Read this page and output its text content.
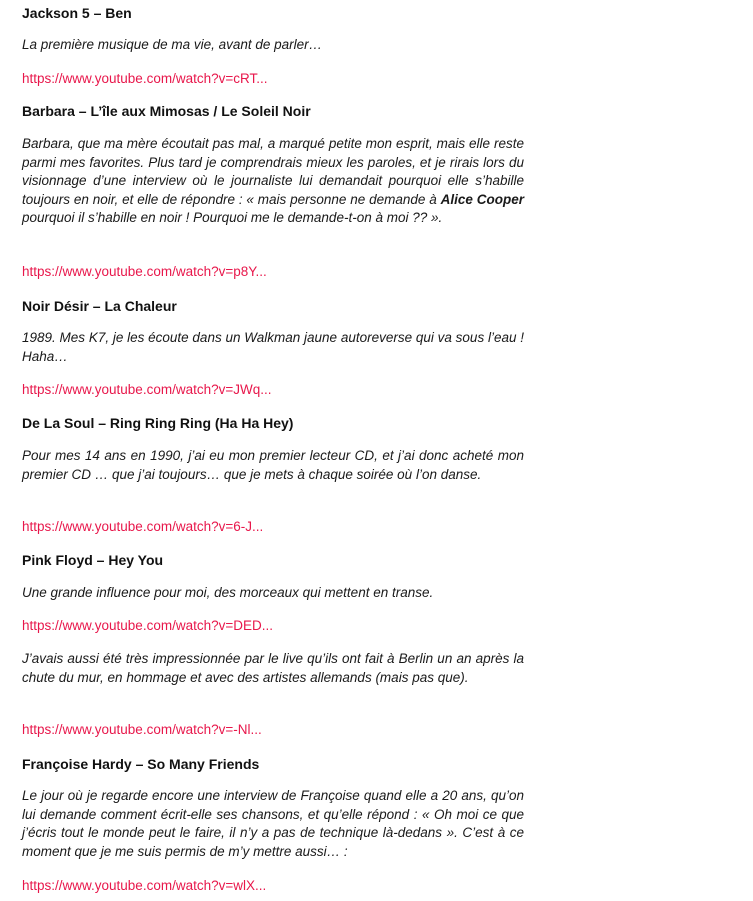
Jackson 5 – Ben

La première musique de ma vie, avant de parler…

https://www.youtube.com/watch?v=cRT...
Barbara – L’île aux Mimosas / Le Soleil Noir

Barbara, que ma mère écoutait pas mal, a marqué petite mon esprit, mais elle reste parmi mes favorites. Plus tard je comprendrais mieux les paroles, et je rirais lors du visionnage d’une interview où le journaliste lui demandait pourquoi elle s’habille toujours en noir, et elle de répondre : « mais personne ne demande à Alice Cooper pourquoi il s’habille en noir ! Pourquoi me le demande-t-on à moi ?? ».

https://www.youtube.com/watch?v=p8Y...
Noir Désir – La Chaleur

1989. Mes K7, je les écoute dans un Walkman jaune autoreverse qui va sous l’eau ! Haha…

https://www.youtube.com/watch?v=JWq...
De La Soul – Ring Ring Ring (Ha Ha Hey)

Pour mes 14 ans en 1990, j’ai eu mon premier lecteur CD, et j’ai donc acheté mon premier CD … que j’ai toujours… que je mets à chaque soirée où l’on danse.

https://www.youtube.com/watch?v=6-J...
Pink Floyd – Hey You

Une grande influence pour moi, des morceaux qui mettent en transe.

https://www.youtube.com/watch?v=DED...

J’avais aussi été très impressionnée par le live qu’ils ont fait à Berlin un an après la chute du mur, en hommage et avec des artistes allemands (mais pas que).

https://www.youtube.com/watch?v=-Nl...
Françoise Hardy – So Many Friends

Le jour où je regarde encore une interview de Françoise quand elle a 20 ans, qu’on lui demande comment écrit-elle ses chansons, et qu’elle répond : « Oh moi ce que j’écris tout le monde peut le faire, il n’y a pas de technique là-dedans ». C’est à ce moment que je me suis permis de m’y mettre aussi… :

https://www.youtube.com/watch?v=wlX...
